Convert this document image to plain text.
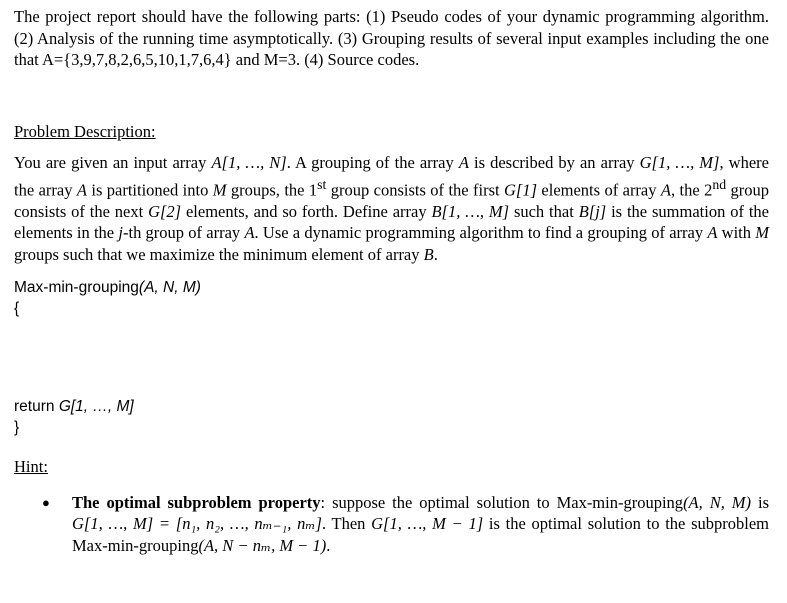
The project report should have the following parts: (1) Pseudo codes of your dynamic programming algorithm. (2) Analysis of the running time asymptotically. (3) Grouping results of several input examples including the one that A={3,9,7,8,2,6,5,10,1,7,6,4} and M=3. (4) Source codes.

Problem Description:

You are given an input array A[1, …, N]. A grouping of the array A is described by an array G[1, …, M], where the array A is partitioned into M groups, the 1st group consists of the first G[1] elements of array A, the 2nd group consists of the next G[2] elements, and so forth. Define array B[1, …, M] such that B[j] is the summation of the elements in the j-th group of array A. Use a dynamic programming algorithm to find a grouping of array A with M groups such that we maximize the minimum element of array B.

Max-min-grouping(A, N, M)
{
return G[1, …, M]
}

Hint:

● The optimal subproblem property: suppose the optimal solution to Max-min-grouping(A, N, M) is G[1, …, M] = [n₁, n₂, …, nₘ₋₁, nₘ]. Then G[1, …, M − 1] is the optimal solution to the subproblem Max-min-grouping(A, N − nₘ, M − 1).
